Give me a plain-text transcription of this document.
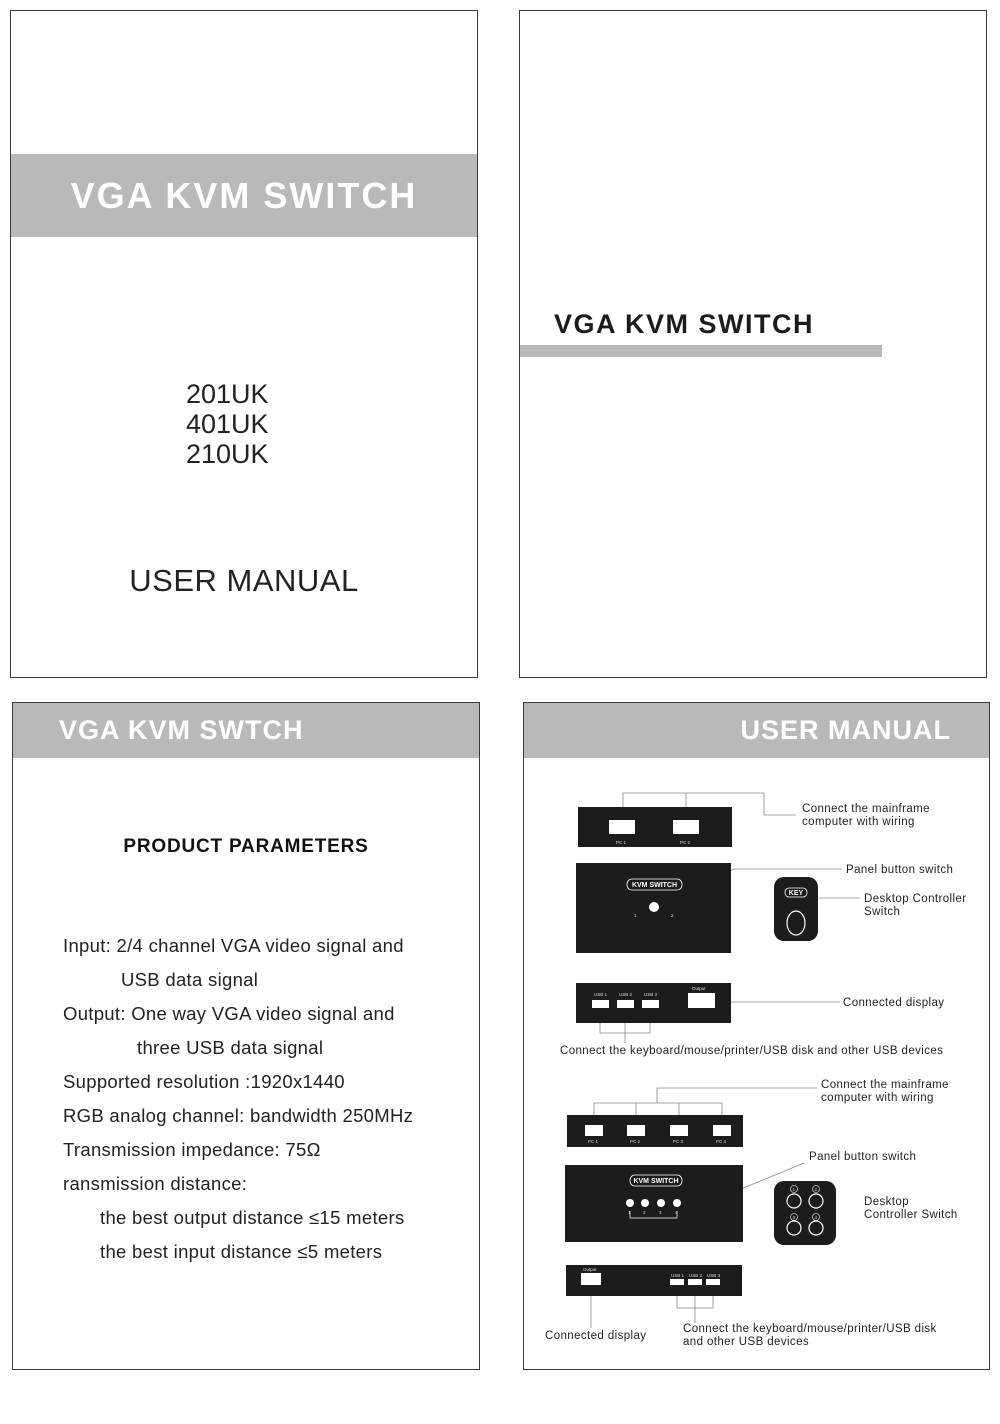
VGA KVM SWITCH
201UK
401UK
210UK
USER MANUAL
VGA KVM SWITCH
VGA KVM SWTCH
PRODUCT PARAMETERS
Input: 2/4 channel VGA video signal and
USB data signal
Output: One way VGA video signal and
three USB data signal
Supported resolution :1920x1440
RGB analog channel: bandwidth 250MHz
Transmission impedance: 75Ω
ransmission distance:
the best output distance ≤15 meters
the best input distance ≤5 meters
USER MANUAL
PC 1	PC 2
KVM SWITCH
1	2
KEY
USB 1	USB 2	USB 3
Output
Connect the mainframe
computer with wiring
Panel button switch
Desktop Controller
Switch
Connected display
Connect the keyboard/mouse/printer/USB disk and other USB devices
PC 1	PC 2	PC 3	PC 4
KVM SWITCH
1	2	3	4
1	2
3	4
Output
USB 1 USB 2 USB 3
Connect the mainframe
computer with wiring
Panel button switch
Desktop
Controller Switch
Connected display
Connect the keyboard/mouse/printer/USB disk
and other USB devices
